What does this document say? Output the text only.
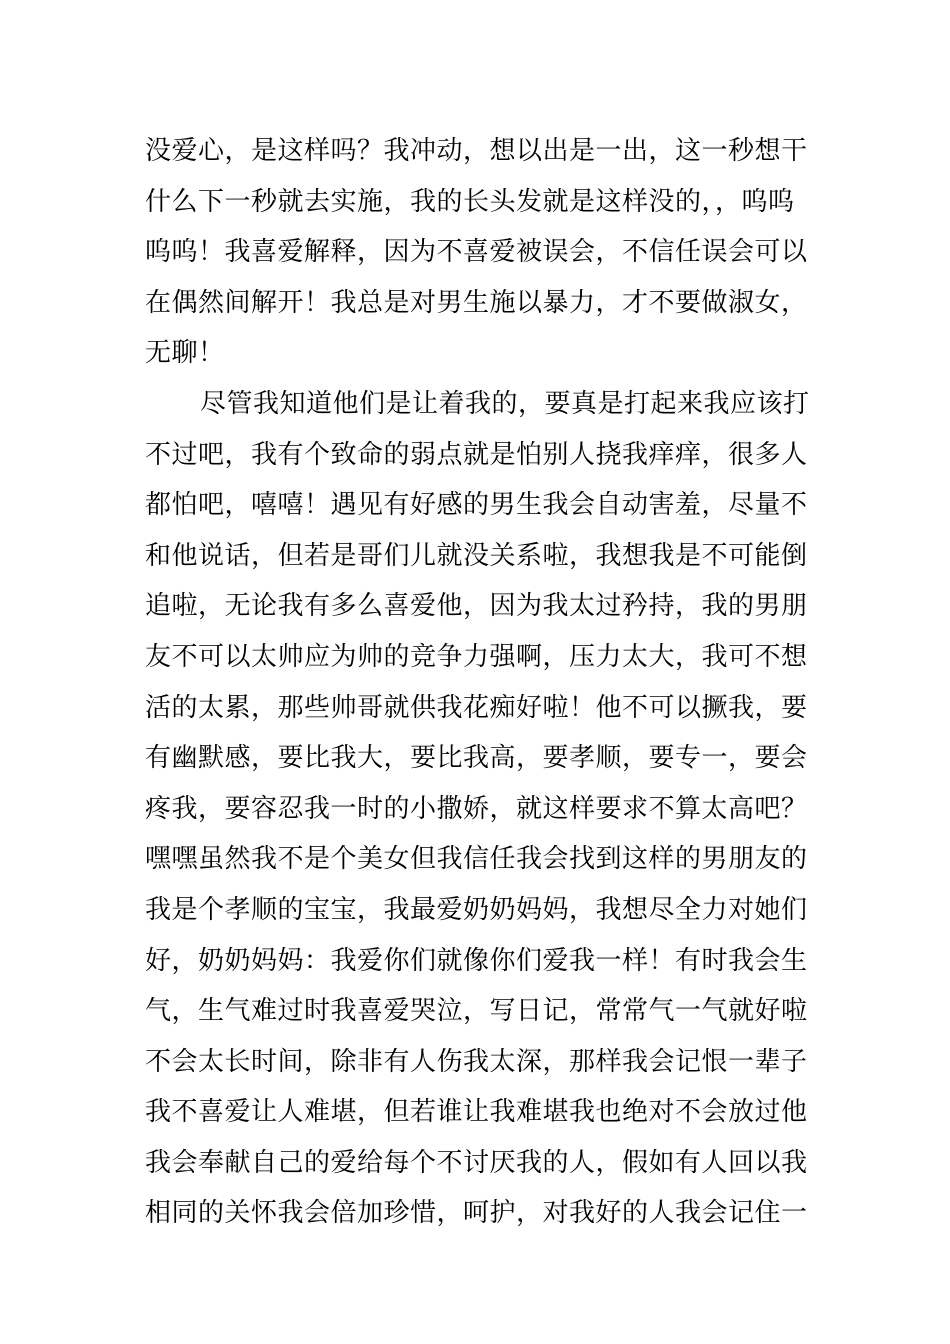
没爱心，是这样吗？我冲动，想以出是一出，这一秒想干
什么下一秒就去实施，我的长头发就是这样没的，，呜呜
呜呜！我喜爱解释，因为不喜爱被误会，不信任误会可以
在偶然间解开！我总是对男生施以暴力，才不要做淑女，
无聊！
尽管我知道他们是让着我的，要真是打起来我应该打
不过吧，我有个致命的弱点就是怕别人挠我痒痒，很多人
都怕吧，嘻嘻！遇见有好感的男生我会自动害羞，尽量不
和他说话，但若是哥们儿就没关系啦，我想我是不可能倒
追啦，无论我有多么喜爱他，因为我太过矜持，我的男朋
友不可以太帅应为帅的竞争力强啊，压力太大，我可不想
活的太累，那些帅哥就供我花痴好啦！他不可以撅我，要
有幽默感，要比我大，要比我高，要孝顺，要专一，要会
疼我，要容忍我一时的小撒娇，就这样要求不算太高吧？
嘿嘿虽然我不是个美女但我信任我会找到这样的男朋友的
我是个孝顺的宝宝，我最爱奶奶妈妈，我想尽全力对她们
好，奶奶妈妈：我爱你们就像你们爱我一样！有时我会生
气，生气难过时我喜爱哭泣，写日记，常常气一气就好啦
不会太长时间，除非有人伤我太深，那样我会记恨一辈子
我不喜爱让人难堪，但若谁让我难堪我也绝对不会放过他
我会奉献自己的爱给每个不讨厌我的人，假如有人回以我
相同的关怀我会倍加珍惜，呵护，对我好的人我会记住一
